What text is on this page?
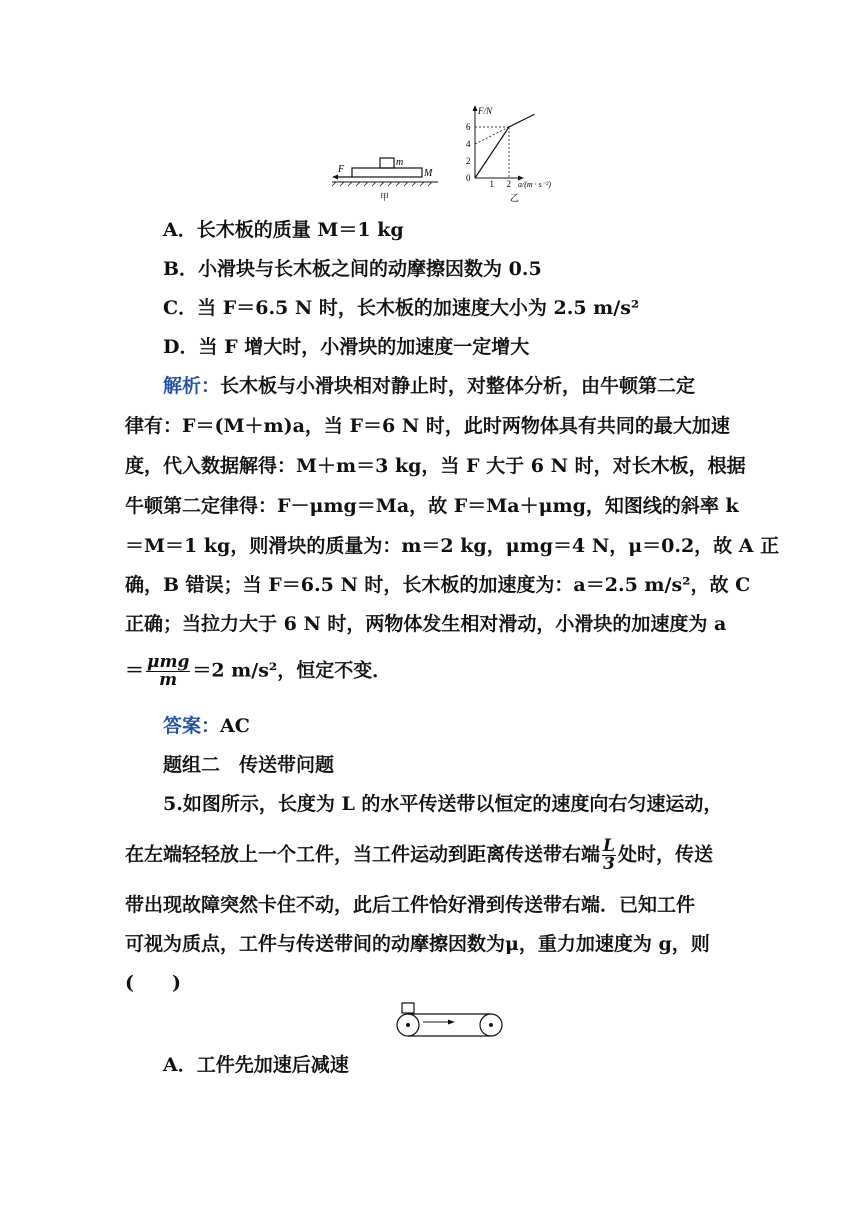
F
m
M
甲
0
2
4
6
1 2
F/N
a/(m · s⁻²)
乙
A．长木板的质量 M＝1 kg
B．小滑块与长木板之间的动摩擦因数为 0.5
C．当 F＝6.5 N 时，长木板的加速度大小为 2.5 m/s²
D．当 F 增大时，小滑块的加速度一定增大
解析：长木板与小滑块相对静止时，对整体分析，由牛顿第二定
律有：F＝(M＋m)a，当 F＝6 N 时，此时两物体具有共同的最大加速
度，代入数据解得：M＋m＝3 kg，当 F 大于 6 N 时，对长木板，根据
牛顿第二定律得：F－μmg＝Ma，故 F＝Ma＋μmg，知图线的斜率 k
＝M＝1 kg，则滑块的质量为：m＝2 kg，μmg＝4 N，μ＝0.2，故 A 正
确，B 错误；当 F＝6.5 N 时，长木板的加速度为：a＝2.5 m/s²，故 C
正确；当拉力大于 6 N 时，两物体发生相对滑动，小滑块的加速度为 a
＝ $\frac{\text{μmg}}{m} =2$ m/s²，恒定不变．
答案：AC
题组二　传送带问题
5.如图所示，长度为 L 的水平传送带以恒定的速度向右匀速运动，
在左端轻轻放上一个工件，当工件运动到距离传送带右端 $\frac{L}{3}$ 处时，传送
带出现故障突然卡住不动，此后工件恰好滑到传送带右端．已知工件
可视为质点，工件与传送带间的动摩擦因数为μ，重力加速度为 g，则
(　　)
A．工件先加速后减速
